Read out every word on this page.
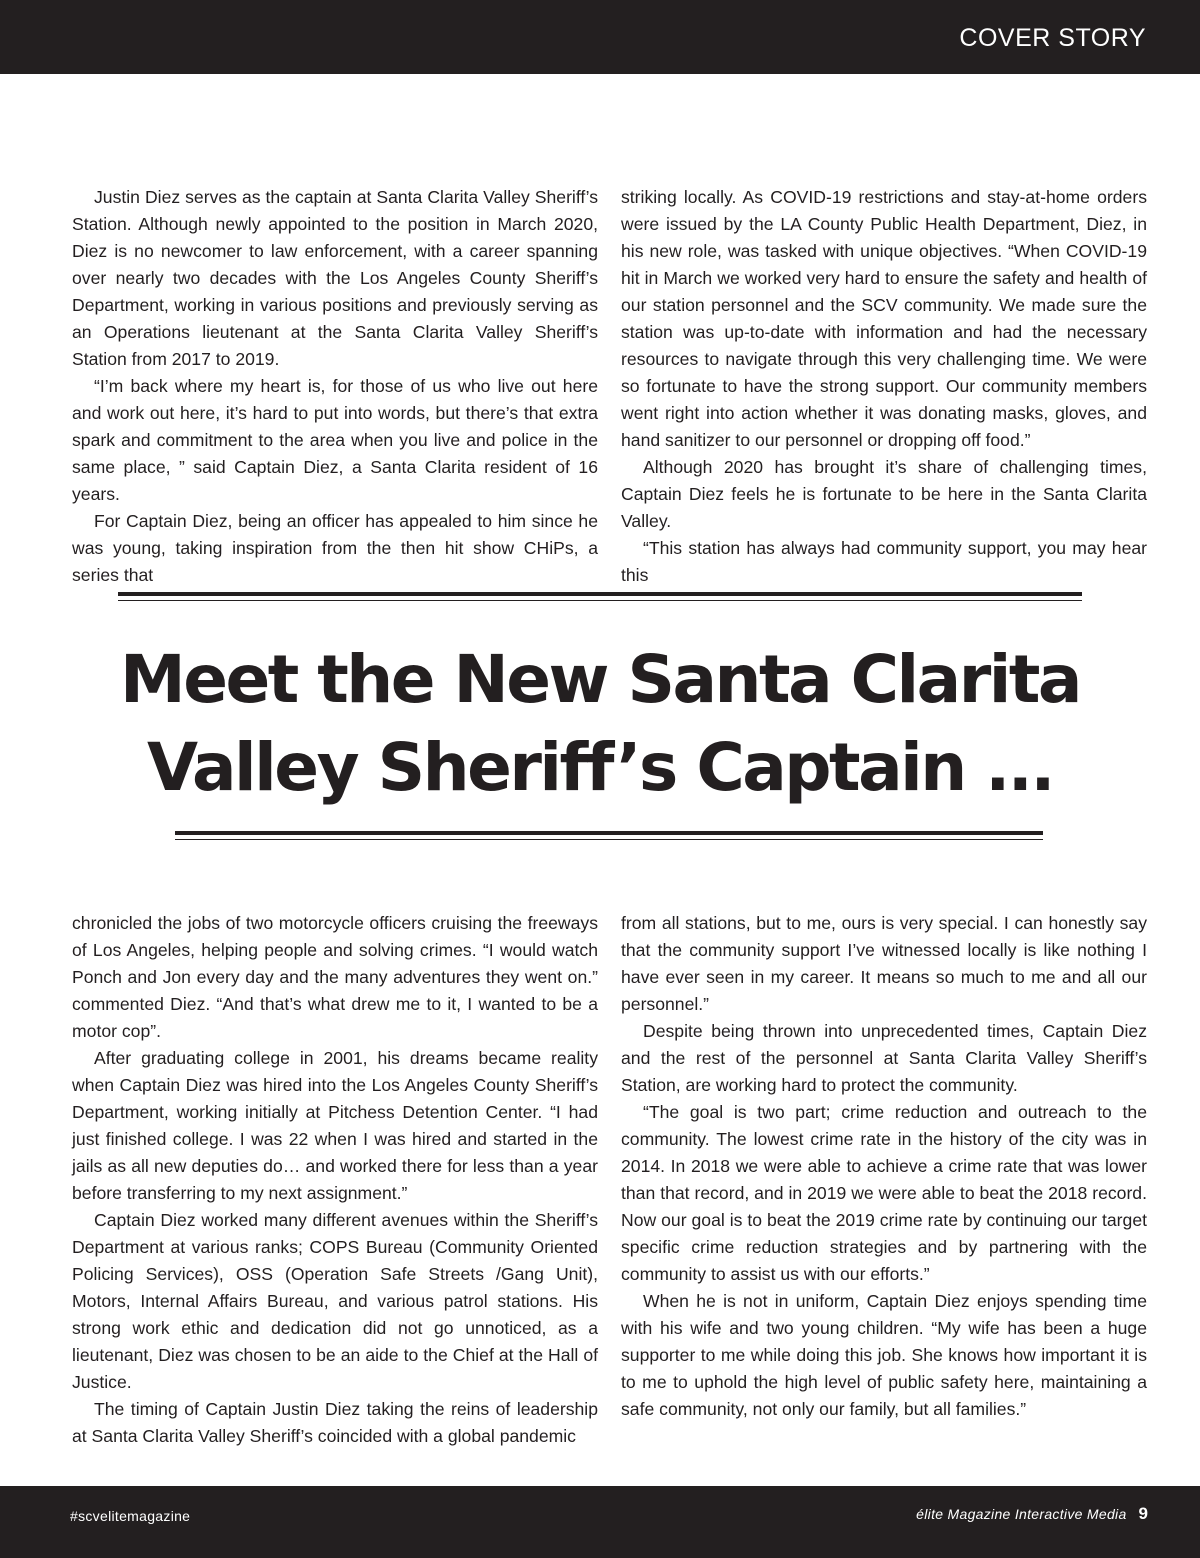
COVER STORY

Justin Diez serves as the captain at Santa Clarita Valley Sheriff’s Station. Although newly appointed to the position in March 2020, Diez is no newcomer to law enforcement, with a career spanning over nearly two decades with the Los Angeles County Sheriff’s Department, working in various positions and previously serving as an Operations lieutenant at the Santa Clarita Valley Sheriff’s Station from 2017 to 2019.

“I’m back where my heart is, for those of us who live out here and work out here, it’s hard to put into words, but there’s that extra spark and commitment to the area when you live and police in the same place, ” said Captain Diez, a Santa Clarita resident of 16 years.

For Captain Diez, being an officer has appealed to him since he was young, taking inspiration from the then hit show CHiPs, a series that

striking locally. As COVID-19 restrictions and stay-at-home orders were issued by the LA County Public Health Department, Diez, in his new role, was tasked with unique objectives. “When COVID-19 hit in March we worked very hard to ensure the safety and health of our station personnel and the SCV community. We made sure the station was up-to-date with information and had the necessary resources to navigate through this very challenging time. We were so fortunate to have the strong support. Our community members went right into action whether it was donating masks, gloves, and hand sanitizer to our personnel or dropping off food.”

Although 2020 has brought it’s share of challenging times, Captain Diez feels he is fortunate to be here in the Santa Clarita Valley.

“This station has always had community support, you may hear this

Meet the New Santa Clarita
Valley Sheriff’s Captain ...

chronicled the jobs of two motorcycle officers cruising the freeways of Los Angeles, helping people and solving crimes. “I would watch Ponch and Jon every day and the many adventures they went on.” commented Diez. “And that’s what drew me to it, I wanted to be a motor cop”.

After graduating college in 2001, his dreams became reality when Captain Diez was hired into the Los Angeles County Sheriff’s Department, working initially at Pitchess Detention Center. “I had just finished college. I was 22 when I was hired and started in the jails as all new deputies do… and worked there for less than a year before transferring to my next assignment.”

Captain Diez worked many different avenues within the Sheriff’s Department at various ranks; COPS Bureau (Community Oriented Policing Services), OSS (Operation Safe Streets /Gang Unit), Motors, Internal Affairs Bureau, and various patrol stations. His strong work ethic and dedication did not go unnoticed, as a lieutenant, Diez was chosen to be an aide to the Chief at the Hall of Justice.

The timing of Captain Justin Diez taking the reins of leadership at Santa Clarita Valley Sheriff’s coincided with a global pandemic

from all stations, but to me, ours is very special. I can honestly say that the community support I’ve witnessed locally is like nothing I have ever seen in my career. It means so much to me and all our personnel.”

Despite being thrown into unprecedented times, Captain Diez and the rest of the personnel at Santa Clarita Valley Sheriff’s Station, are working hard to protect the community.

“The goal is two part; crime reduction and outreach to the community. The lowest crime rate in the history of the city was in 2014. In 2018 we were able to achieve a crime rate that was lower than that record, and in 2019 we were able to beat the 2018 record. Now our goal is to beat the 2019 crime rate by continuing our target specific crime reduction strategies and by partnering with the community to assist us with our efforts.”

When he is not in uniform, Captain Diez enjoys spending time with his wife and two young children. “My wife has been a huge supporter to me while doing this job. She knows how important it is to me to uphold the high level of public safety here, maintaining a safe community, not only our family, but all families.”

#scvelitemagazine	élite Magazine Interactive Media 9
